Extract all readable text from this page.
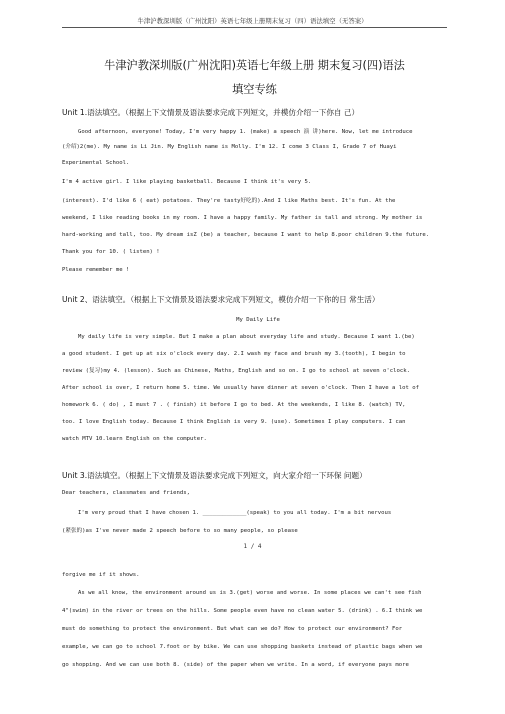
牛津沪教深圳版（广州沈阳）英语七年级上册期末复习（四）语法填空（无答案）
牛津沪教深圳版(广州沈阳)英语七年级上册 期末复习(四)语法
填空专练
Unit 1.语法填空。（根据上下文情景及语法要求完成下列短文，并模仿介绍一下你自 己）
Good afternoon, everyone! Today, I'm very happy 1. (make) a speech 演 讲)here. Now, let me introduce
(介绍)2(me). My name is Li Jin. My English name is Molly. I'm 12. I come 3 Class I, Grade 7 of Huayi
Experimental School.
I'm 4 active girl. I like playing basketball. Because I think it's very 5.
(interest). I'd like 6 ( eat) potatoes. They're tasty好吃的).And I like Maths best. It's fun. At the
weekend, I like reading books in my room. I have a happy family. My father is tall and strong. My mother is
hard-working and tall, too. My dream isZ (be) a teacher, because I want to help 8.poor children 9.the future.
Thank you for 10. ( listen) !
Please remember me !
Unit 2、语法填空。（根据上下文情景及语法要求完成下列短文，模仿介绍一下你的日 常生活）
My Daily Life
My daily life is very simple. But I make a plan about everyday life and study. Because I want 1.(be)
a good student. I get up at six o'clock every day. 2.I wash my face and brush my 3.(tooth), I begin to
review (复习)my 4. (lesson). Such as Chinese, Maths, English and so on. I go to school at seven o'clock.
After school is over, I return home 5. time. We usually have dinner at seven o'clock. Then I have a lot of
homework 6. ( do) , I must 7 . ( finish) it before I go to bed. At the weekends, I like 8. (watch) TV,
too. I love English today. Because I think English is very 9. (use). Sometimes I play computers. I can
watch MTV 10.learn English on the computer.
Unit 3.语法填空。（根据上下文情景及语法要求完成下列短文，向大家介绍一下环保 问题）
Dear teachers, classmates and friends,
I'm very proud that I have chosen 1. _____________(speak) to you all today. I'm a bit nervous
(紧张的)as I've never made 2 speech before to so many people, so please
1 / 4
forgive me if it shows.
As we all know, the environment around us is 3.(get) worse and worse. In some places we can't see fish
4"(swim) in the river or trees on the hills. Some people even have no clean water 5. (drink) . 6.I think we
must do something to protect the environment. But what can we do? How to protect our environment? For
example, we can go to school 7.foot or by bike. We can use shopping baskets instead of plastic bags when we
go shopping. And we can use both 8. (side) of the paper when we write. In a word, if everyone pays more
